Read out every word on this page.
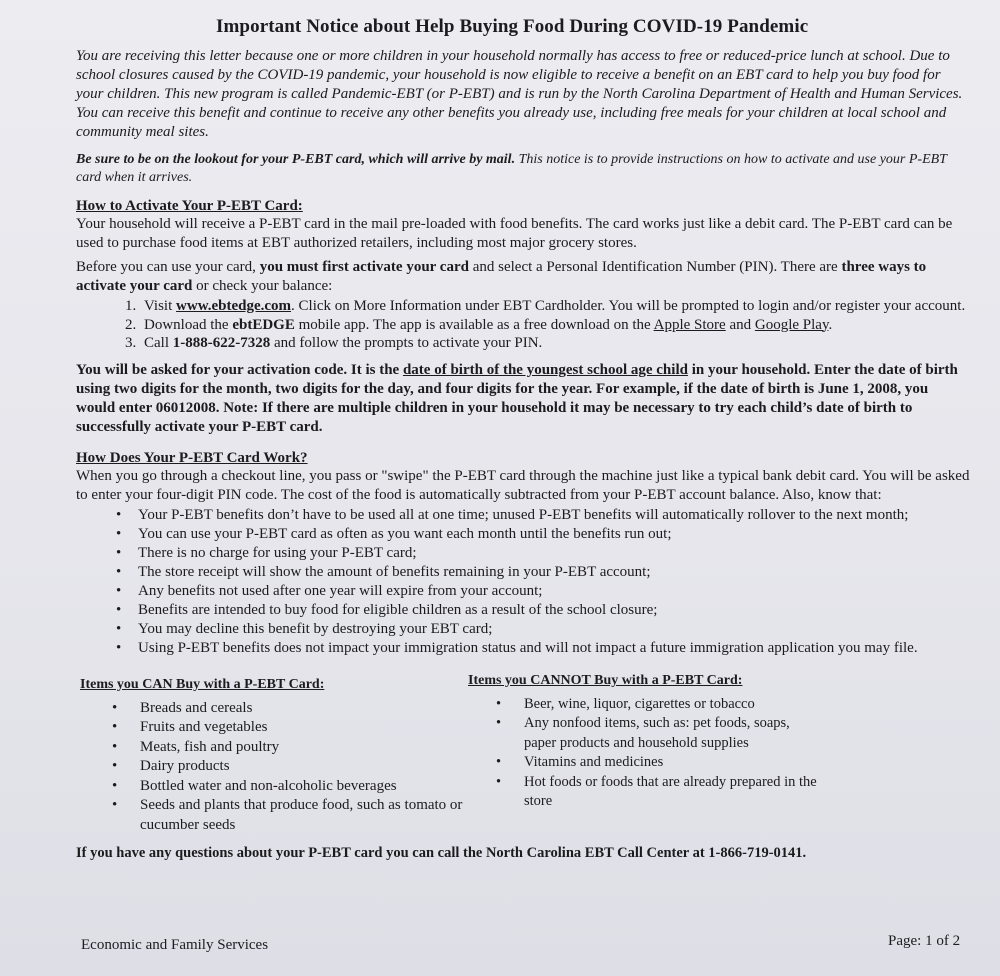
Important Notice about Help Buying Food During COVID-19 Pandemic

You are receiving this letter because one or more children in your household normally has access to free or reduced-price lunch at school. Due to school closures caused by the COVID-19 pandemic, your household is now eligible to receive a benefit on an EBT card to help you buy food for your children. This new program is called Pandemic-EBT (or P-EBT) and is run by the North Carolina Department of Health and Human Services. You can receive this benefit and continue to receive any other benefits you already use, including free meals for your children at local school and community meal sites.

Be sure to be on the lookout for your P-EBT card, which will arrive by mail. This notice is to provide instructions on how to activate and use your P-EBT card when it arrives.

How to Activate Your P-EBT Card:

Your household will receive a P-EBT card in the mail pre-loaded with food benefits. The card works just like a debit card. The P-EBT card can be used to purchase food items at EBT authorized retailers, including most major grocery stores.

Before you can use your card, you must first activate your card and select a Personal Identification Number (PIN). There are three ways to activate your card or check your balance:

1. Visit www.ebtedge.com. Click on More Information under EBT Cardholder. You will be prompted to login and/or register your account.
2. Download the ebtEDGE mobile app. The app is available as a free download on the Apple Store and Google Play.
3. Call 1-888-622-7328 and follow the prompts to activate your PIN.

You will be asked for your activation code. It is the date of birth of the youngest school age child in your household. Enter the date of birth using two digits for the month, two digits for the day, and four digits for the year. For example, if the date of birth is June 1, 2008, you would enter 06012008. Note: If there are multiple children in your household it may be necessary to try each child’s date of birth to successfully activate your P-EBT card.

How Does Your P-EBT Card Work?

When you go through a checkout line, you pass or "swipe" the P-EBT card through the machine just like a typical bank debit card. You will be asked to enter your four-digit PIN code. The cost of the food is automatically subtracted from your P-EBT account balance. Also, know that:

• Your P-EBT benefits don’t have to be used all at one time; unused P-EBT benefits will automatically rollover to the next month;
• You can use your P-EBT card as often as you want each month until the benefits run out;
• There is no charge for using your P-EBT card;
• The store receipt will show the amount of benefits remaining in your P-EBT account;
• Any benefits not used after one year will expire from your account;
• Benefits are intended to buy food for eligible children as a result of the school closure;
• You may decline this benefit by destroying your EBT card;
• Using P-EBT benefits does not impact your immigration status and will not impact a future immigration application you may file.
Items you CAN Buy with a P-EBT Card:
• Breads and cereals
• Fruits and vegetables
• Meats, fish and poultry
• Dairy products
• Bottled water and non-alcoholic beverages
• Seeds and plants that produce food, such as tomato or cucumber seeds
Items you CANNOT Buy with a P-EBT Card:
• Beer, wine, liquor, cigarettes or tobacco
• Any nonfood items, such as: pet foods, soaps, paper products and household supplies
• Vitamins and medicines
• Hot foods or foods that are already prepared in the store

If you have any questions about your P-EBT card you can call the North Carolina EBT Call Center at 1-866-719-0141.

Economic and Family Services	Page: 1 of 2
